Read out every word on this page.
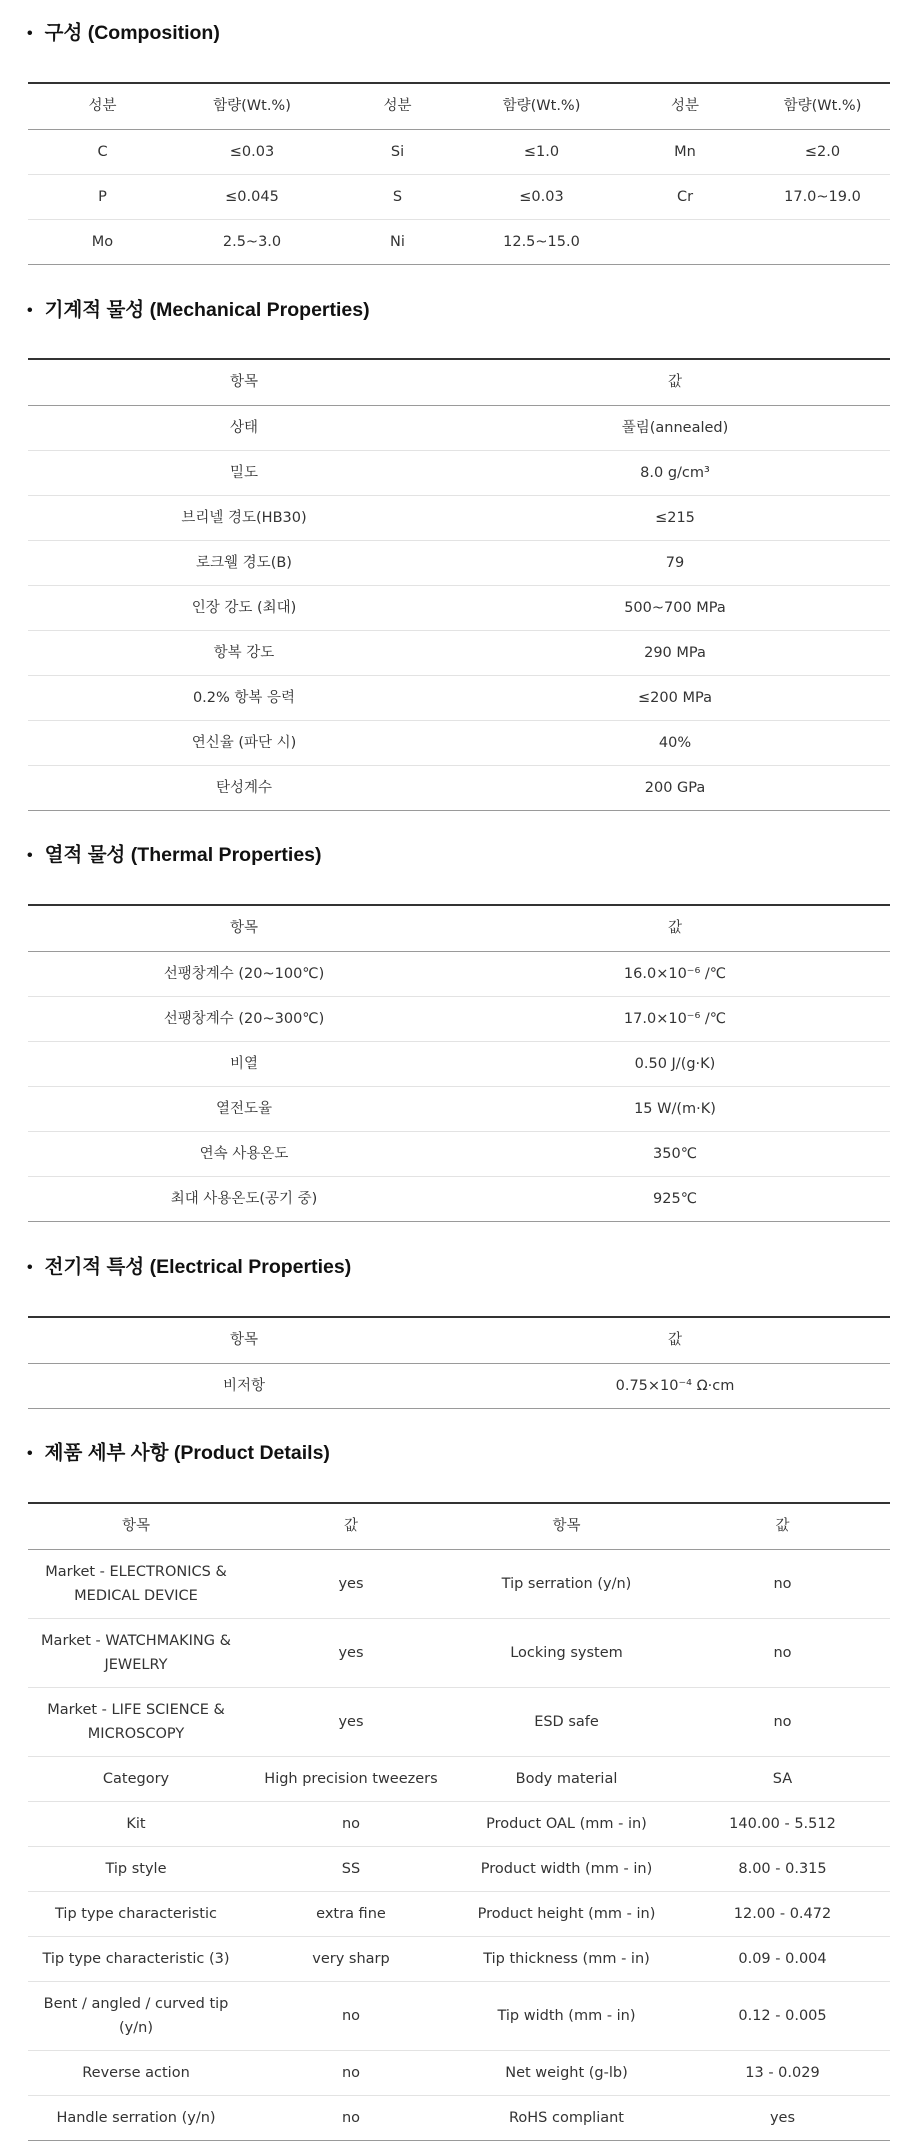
• 구성 (Composition)
성분	함량(Wt.%)	성분	함량(Wt.%)	성분	함량(Wt.%)
C	≤0.03	Si	≤1.0	Mn	≤2.0
P	≤0.045	S	≤0.03	Cr	17.0~19.0
Mo	2.5~3.0	Ni	12.5~15.0		
• 기계적 물성 (Mechanical Properties)
항목	값
상태	풀림(annealed)
밀도	8.0 g/cm³
브리넬 경도(HB30)	≤215
로크웰 경도(B)	79
인장 강도 (최대)	500~700 MPa
항복 강도	290 MPa
0.2% 항복 응력	≤200 MPa
연신율 (파단 시)	40%
탄성계수	200 GPa
• 열적 물성 (Thermal Properties)
항목	값
선팽창계수 (20~100℃)	16.0×10⁻⁶ /℃
선팽창계수 (20~300℃)	17.0×10⁻⁶ /℃
비열	0.50 J/(g·K)
열전도율	15 W/(m·K)
연속 사용온도	350℃
최대 사용온도(공기 중)	925℃
• 전기적 특성 (Electrical Properties)
항목	값
비저항	0.75×10⁻⁴ Ω·cm
• 제품 세부 사항 (Product Details)
항목	값	항목	값
Market - ELECTRONICS & MEDICAL DEVICE	yes	Tip serration (y/n)	no
Market - WATCHMAKING & JEWELRY	yes	Locking system	no
Market - LIFE SCIENCE & MICROSCOPY	yes	ESD safe	no
Category	High precision tweezers	Body material	SA
Kit	no	Product OAL (mm - in)	140.00 - 5.512
Tip style	SS	Product width (mm - in)	8.00 - 0.315
Tip type characteristic	extra fine	Product height (mm - in)	12.00 - 0.472
Tip type characteristic (3)	very sharp	Tip thickness (mm - in)	0.09 - 0.004
Bent / angled / curved tip (y/n)	no	Tip width (mm - in)	0.12 - 0.005
Reverse action	no	Net weight (g-lb)	13 - 0.029
Handle serration (y/n)	no	RoHS compliant	yes
